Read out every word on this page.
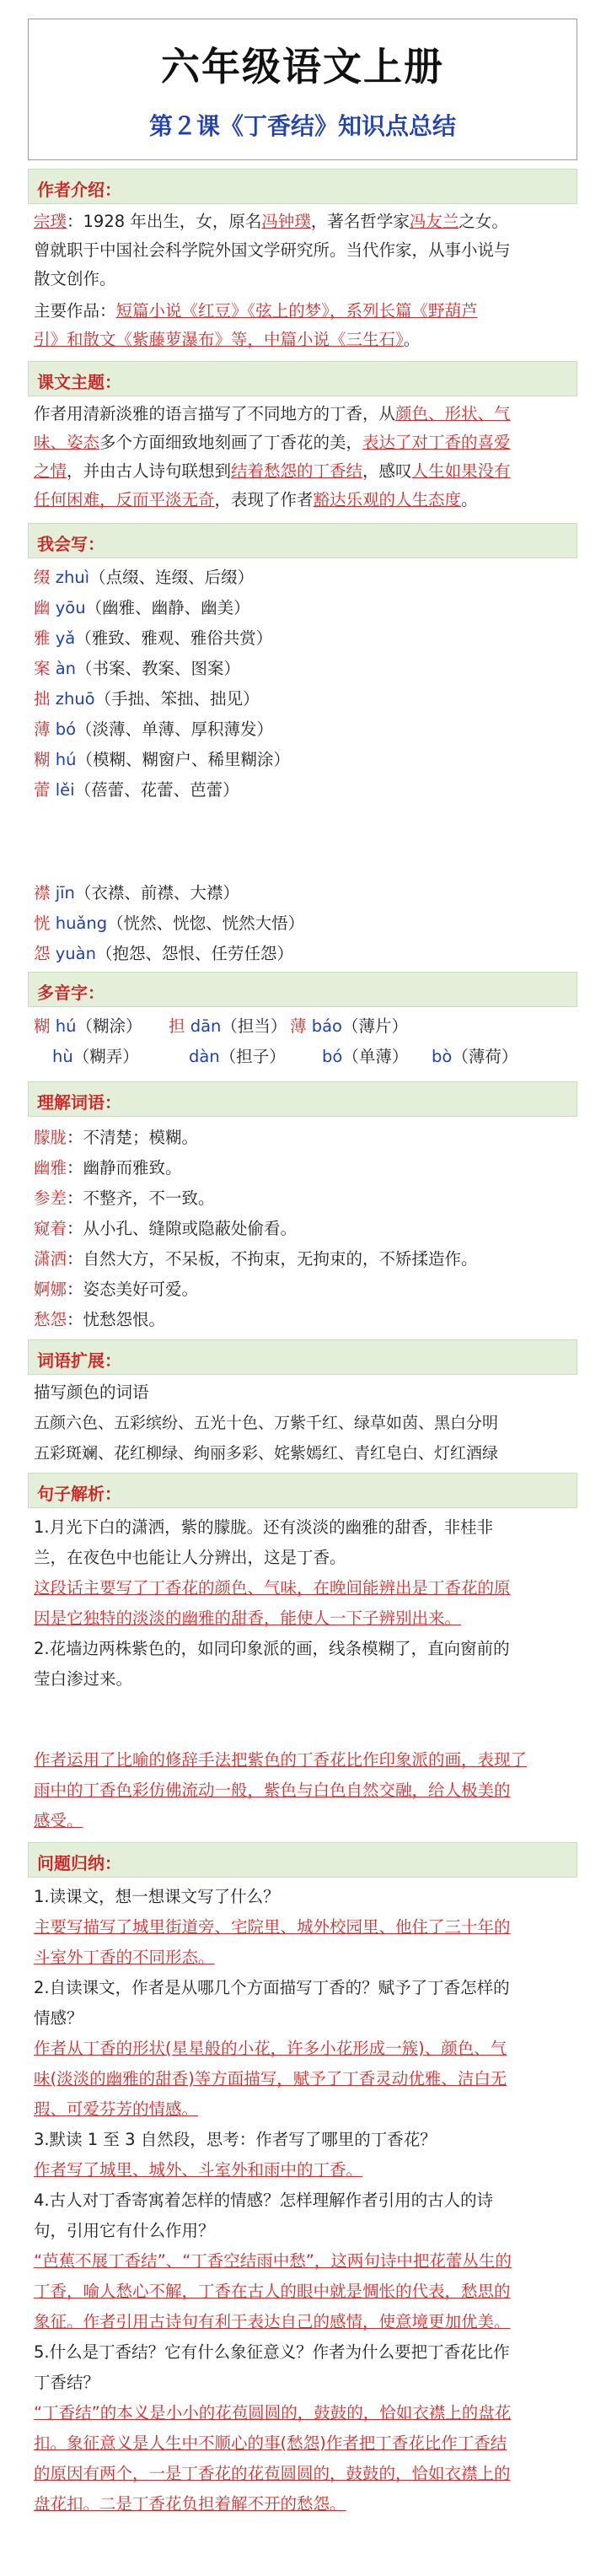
六年级语文上册
第２课《丁香结》知识点总结
作者介绍：
宗璞：1928 年出生，女，原名冯钟璞，著名哲学家冯友兰之女。
曾就职于中国社会科学院外国文学研究所。当代作家，从事小说与
散文创作。
主要作品：短篇小说《红豆》《弦上的梦》，系列长篇《野葫芦
引》和散文《紫藤萝瀑布》等，中篇小说《三生石》。
课文主题：
作者用清新淡雅的语言描写了不同地方的丁香，从颜色、形状、气
味、姿态多个方面细致地刻画了丁香花的美，表达了对丁香的喜爱
之情，并由古人诗句联想到结着愁怨的丁香结，感叹人生如果没有
任何困难，反而平淡无奇，表现了作者豁达乐观的人生态度。
我会写：
缀 zhuì（点缀、连缀、后缀）
幽 yōu（幽雅、幽静、幽美）
雅 yǎ（雅致、雅观、雅俗共赏）
案 àn（书案、教案、图案）
拙 zhuō（手拙、笨拙、拙见）
薄 bó（淡薄、单薄、厚积薄发）
糊 hú（模糊、糊窗户、稀里糊涂）
蕾 lěi（蓓蕾、花蕾、芭蕾）
襟 jīn（衣襟、前襟、大襟）
恍 huǎng（恍然、恍惚、恍然大悟）
怨 yuàn（抱怨、怨恨、任劳任怨）
多音字：
糊 hú（糊涂） 担 dān（担当） 薄 báo（薄片）
hù（糊弄）	dàn（担子） bó（单薄） bò（薄荷）
理解词语：
朦胧：不清楚；模糊。
幽雅：幽静而雅致。
参差：不整齐，不一致。
窥着：从小孔、缝隙或隐蔽处偷看。
潇洒：自然大方，不呆板，不拘束，无拘束的，不矫揉造作。
婀娜：姿态美好可爱。
愁怨：忧愁怨恨。
词语扩展：
描写颜色的词语
五颜六色、五彩缤纷、五光十色、万紫千红、绿草如茵、黑白分明
五彩斑斓、花红柳绿、绚丽多彩、姹紫嫣红、青红皂白、灯红酒绿
句子解析：
1.月光下白的潇洒，紫的朦胧。还有淡淡的幽雅的甜香，非桂非
兰，在夜色中也能让人分辨出，这是丁香。
这段话主要写了丁香花的颜色、气味，在晚间能辨出是丁香花的原
因是它独特的淡淡的幽雅的甜香，能使人一下子辨别出来。
2.花墙边两株紫色的，如同印象派的画，线条模糊了，直向窗前的
莹白渗过来。
作者运用了比喻的修辞手法把紫色的丁香花比作印象派的画，表现了
雨中的丁香色彩仿佛流动一般，紫色与白色自然交融，给人极美的
感受。
问题归纳：
1.读课文，想一想课文写了什么？
主要写描写了城里街道旁、宅院里、城外校园里、他住了三十年的
斗室外丁香的不同形态。
2.自读课文，作者是从哪几个方面描写丁香的？赋予了丁香怎样的
情感？
作者从丁香的形状(星星般的小花，许多小花形成一簇)、颜色、气
味(淡淡的幽雅的甜香)等方面描写，赋予了丁香灵动优雅、洁白无
瑕、可爱芬芳的情感。
3.默读 1 至 3 自然段，思考：作者写了哪里的丁香花？
作者写了城里、城外、斗室外和雨中的丁香。
4.古人对丁香寄寓着怎样的情感？怎样理解作者引用的古人的诗
句，引用它有什么作用？
“芭蕉不展丁香结”、“丁香空结雨中愁”，这两句诗中把花蕾丛生的
丁香，喻人愁心不解，丁香在古人的眼中就是惆怅的代表，愁思的
象征。作者引用古诗句有利于表达自己的感情，使意境更加优美。
5.什么是丁香结？它有什么象征意义？作者为什么要把丁香花比作
丁香结？
“丁香结”的本义是小小的花苞圆圆的，鼓鼓的，恰如衣襟上的盘花
扣。象征意义是人生中不顺心的事(愁怨)作者把丁香花比作丁香结
的原因有两个，一是丁香花的花苞圆圆的，鼓鼓的，恰如衣襟上的
盘花扣。二是丁香花负担着解不开的愁怨。
